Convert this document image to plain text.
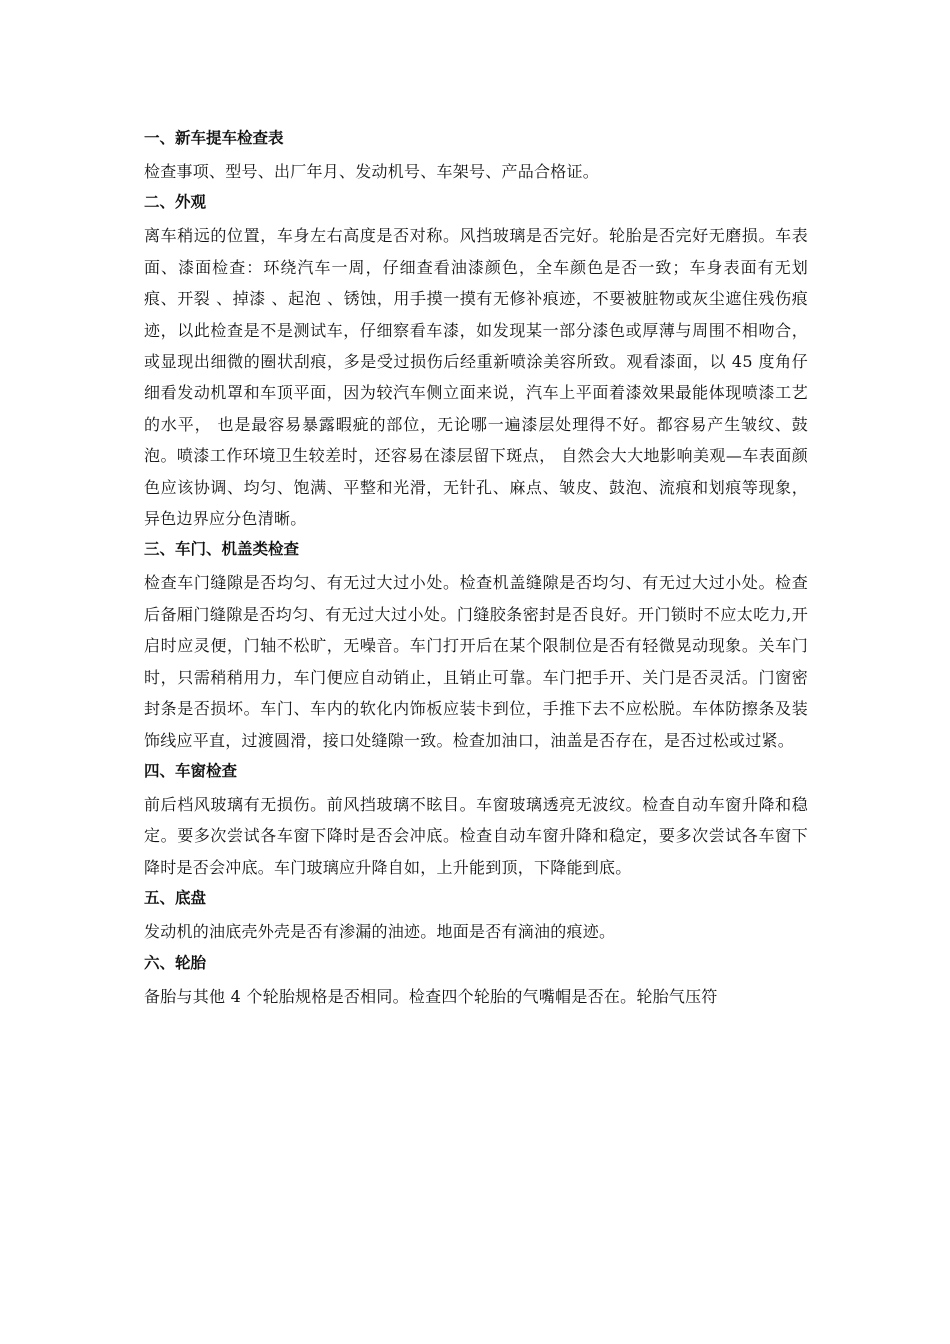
一、新车提车检查表
检查事项、型号、出厂年月、发动机号、车架号、产品合格证。
二、外观
离车稍远的位置，车身左右高度是否对称。风挡玻璃是否完好。轮胎是否完好无磨损。车表面、漆面检查：环绕汽车一周，仔细查看油漆颜色，全车颜色是否一致；车身表面有无划痕、开裂 、掉漆 、起泡 、锈蚀，用手摸一摸有无修补痕迹，不要被脏物或灰尘遮住残伤痕迹，以此检查是不是测试车，仔细察看车漆，如发现某一部分漆色或厚薄与周围不相吻合，或显现出细微的圈状刮痕，多是受过损伤后经重新喷涂美容所致。观看漆面，以 45 度角仔细看发动机罩和车顶平面，因为较汽车侧立面来说，汽车上平面着漆效果最能体现喷漆工艺的水平， 也是最容易暴露暇疵的部位，无论哪一遍漆层处理得不好。都容易产生皱纹、鼓泡。喷漆工作环境卫生较差时，还容易在漆层留下斑点， 自然会大大地影响美观—车表面颜色应该协调、均匀、饱满、平整和光滑，无针孔、麻点、皱皮、鼓泡、流痕和划痕等现象，异色边界应分色清晰。
三、车门、机盖类检查
检查车门缝隙是否均匀、有无过大过小处。检查机盖缝隙是否均匀、有无过大过小处。检查后备厢门缝隙是否均匀、有无过大过小处。门缝胶条密封是否良好。开门锁时不应太吃力,开启时应灵便，门轴不松旷，无噪音。车门打开后在某个限制位是否有轻微晃动现象。关车门时，只需稍稍用力，车门便应自动销止，且销止可靠。车门把手开、关门是否灵活。门窗密封条是否损坏。车门、车内的软化内饰板应装卡到位，手推下去不应松脱。车体防擦条及装饰线应平直，过渡圆滑，接口处缝隙一致。检查加油口，油盖是否存在，是否过松或过紧。
四、车窗检查
前后档风玻璃有无损伤。前风挡玻璃不眩目。车窗玻璃透亮无波纹。检查自动车窗升降和稳定。要多次尝试各车窗下降时是否会冲底。检查自动车窗升降和稳定，要多次尝试各车窗下降时是否会冲底。车门玻璃应升降自如，上升能到顶，下降能到底。
五、底盘
发动机的油底壳外壳是否有渗漏的油迹。地面是否有滴油的痕迹。
六、轮胎
备胎与其他 4 个轮胎规格是否相同。检查四个轮胎的气嘴帽是否在。轮胎气压符
